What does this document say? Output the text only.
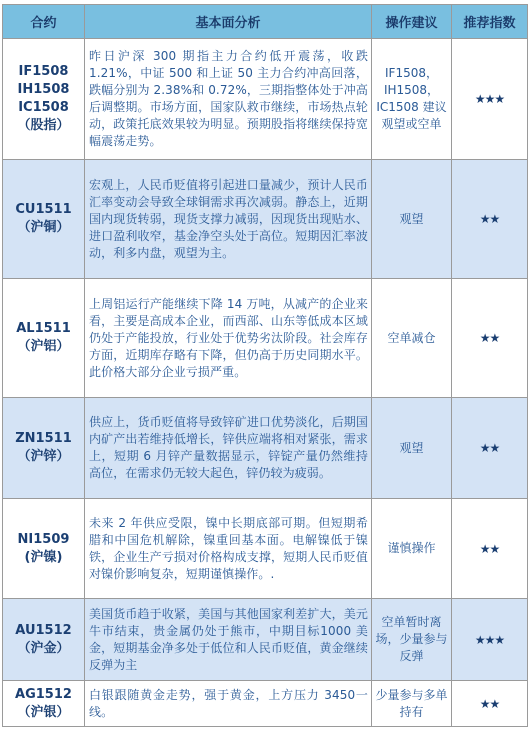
合约	基本面分析	操作建议	推荐指数

IF1508
IH1508
IC1508
（股指）	昨日沪深 300 期指主力合约低开震荡，收跌1.21%，中证 500 和上证 50 主力合约冲高回落，跌幅分别为 2.38%和 0.72%，三期指整体处于冲高后调整期。市场方面，国家队救市继续，市场热点轮动，政策托底效果较为明显。预期股指将继续保持宽幅震荡走势。	IF1508，IH1508，IC1508 建议观望或空单	★★★

CU1511
（沪铜）	宏观上，人民币贬值将引起进口量减少，预计人民币汇率变动会导致全球铜需求再次减弱。静态上，近期国内现货转弱，现货支撑力减弱，因现货出现贴水、进口盈利收窄，基金净空头处于高位。短期因汇率波动，利多内盘，观望为主。	观望	★★

AL1511
（沪铝）	上周铝运行产能继续下降 14 万吨，从减产的企业来看，主要是高成本企业，而西部、山东等低成本区域仍处于产能投放，行业处于优势劣汰阶段。社会库存方面，近期库存略有下降，但仍高于历史同期水平。此价格大部分企业亏损严重。	空单减仓	★★

ZN1511
（沪锌）	供应上，货币贬值将导致锌矿进口优势淡化，后期国内矿产出若维持低增长，锌供应端将相对紧张，需求上，短期 6 月锌产量数据显示，锌锭产量仍然维持高位，在需求仍无较大起色，锌仍较为疲弱。	观望	★★

NI1509
(沪镍)	未来 2 年供应受限，镍中长期底部可期。但短期希腊和中国危机解除，镍重回基本面。电解镍低于镍铁，企业生产亏损对价格构成支撑，短期人民币贬值对镍价影响复杂，短期谨慎操作。.	谨慎操作	★★

AU1512
（沪金）	美国货币趋于收紧，美国与其他国家利差扩大，美元牛市结束，贵金属仍处于熊市，中期目标1000 美金，短期基金净多处于低位和人民币贬值，黄金继续反弹为主	空单暂时离场，少量参与反弹	★★★

AG1512
（沪银）	白银跟随黄金走势，强于黄金，上方压力 3450一线。	少量参与多单持有	★★
